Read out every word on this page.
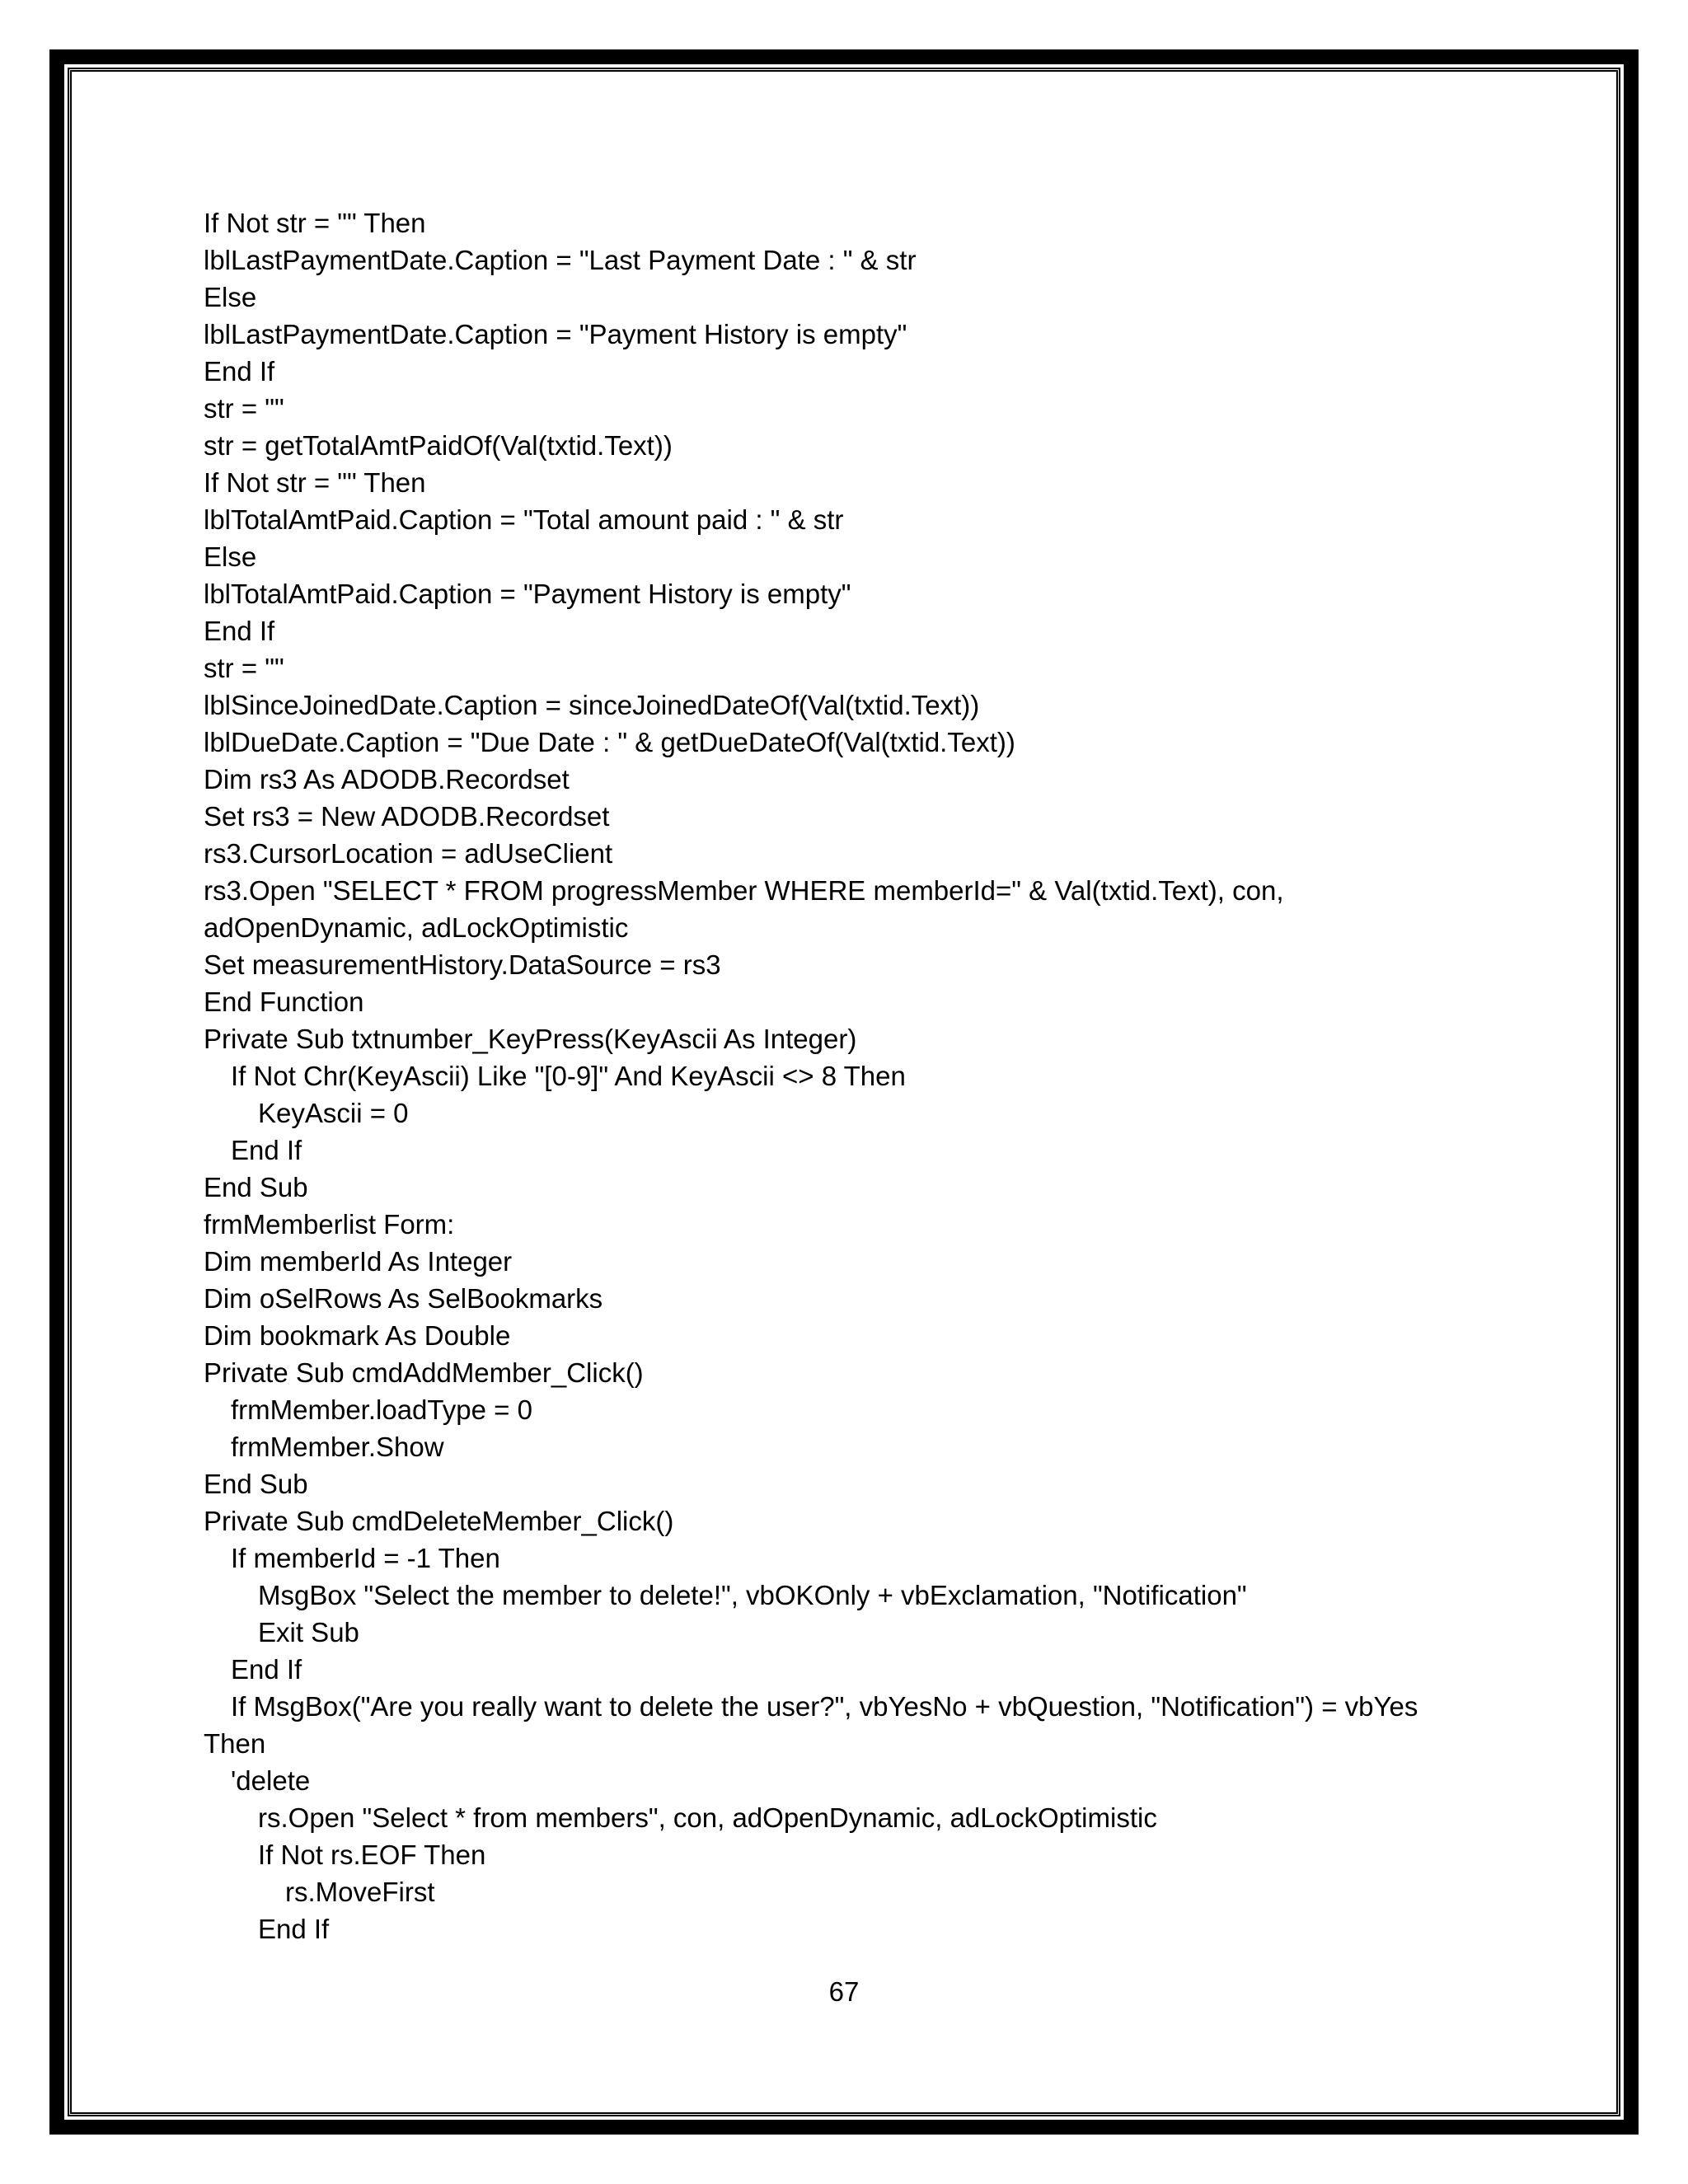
If Not str = "" Then
lblLastPaymentDate.Caption = "Last Payment Date : " & str
Else
lblLastPaymentDate.Caption = "Payment History is empty"
End If
str = ""
str = getTotalAmtPaidOf(Val(txtid.Text))
If Not str = "" Then
lblTotalAmtPaid.Caption = "Total amount paid : " & str
Else
lblTotalAmtPaid.Caption = "Payment History is empty"
End If
str = ""
lblSinceJoinedDate.Caption = sinceJoinedDateOf(Val(txtid.Text))
lblDueDate.Caption = "Due Date : " & getDueDateOf(Val(txtid.Text))
Dim rs3 As ADODB.Recordset
Set rs3 = New ADODB.Recordset
rs3.CursorLocation = adUseClient
rs3.Open "SELECT * FROM progressMember WHERE memberId=" & Val(txtid.Text), con,
adOpenDynamic, adLockOptimistic
Set measurementHistory.DataSource = rs3
End Function
Private Sub txtnumber_KeyPress(KeyAscii As Integer)
If Not Chr(KeyAscii) Like "[0-9]" And KeyAscii <> 8 Then
KeyAscii = 0
End If
End Sub
frmMemberlist Form:
Dim memberId As Integer
Dim oSelRows As SelBookmarks
Dim bookmark As Double
Private Sub cmdAddMember_Click()
frmMember.loadType = 0
frmMember.Show
End Sub
Private Sub cmdDeleteMember_Click()
If memberId = -1 Then
MsgBox "Select the member to delete!", vbOKOnly + vbExclamation, "Notification"
Exit Sub
End If
If MsgBox("Are you really want to delete the user?", vbYesNo + vbQuestion, "Notification") = vbYes
Then
'delete
rs.Open "Select * from members", con, adOpenDynamic, adLockOptimistic
If Not rs.EOF Then
rs.MoveFirst
End If
67
